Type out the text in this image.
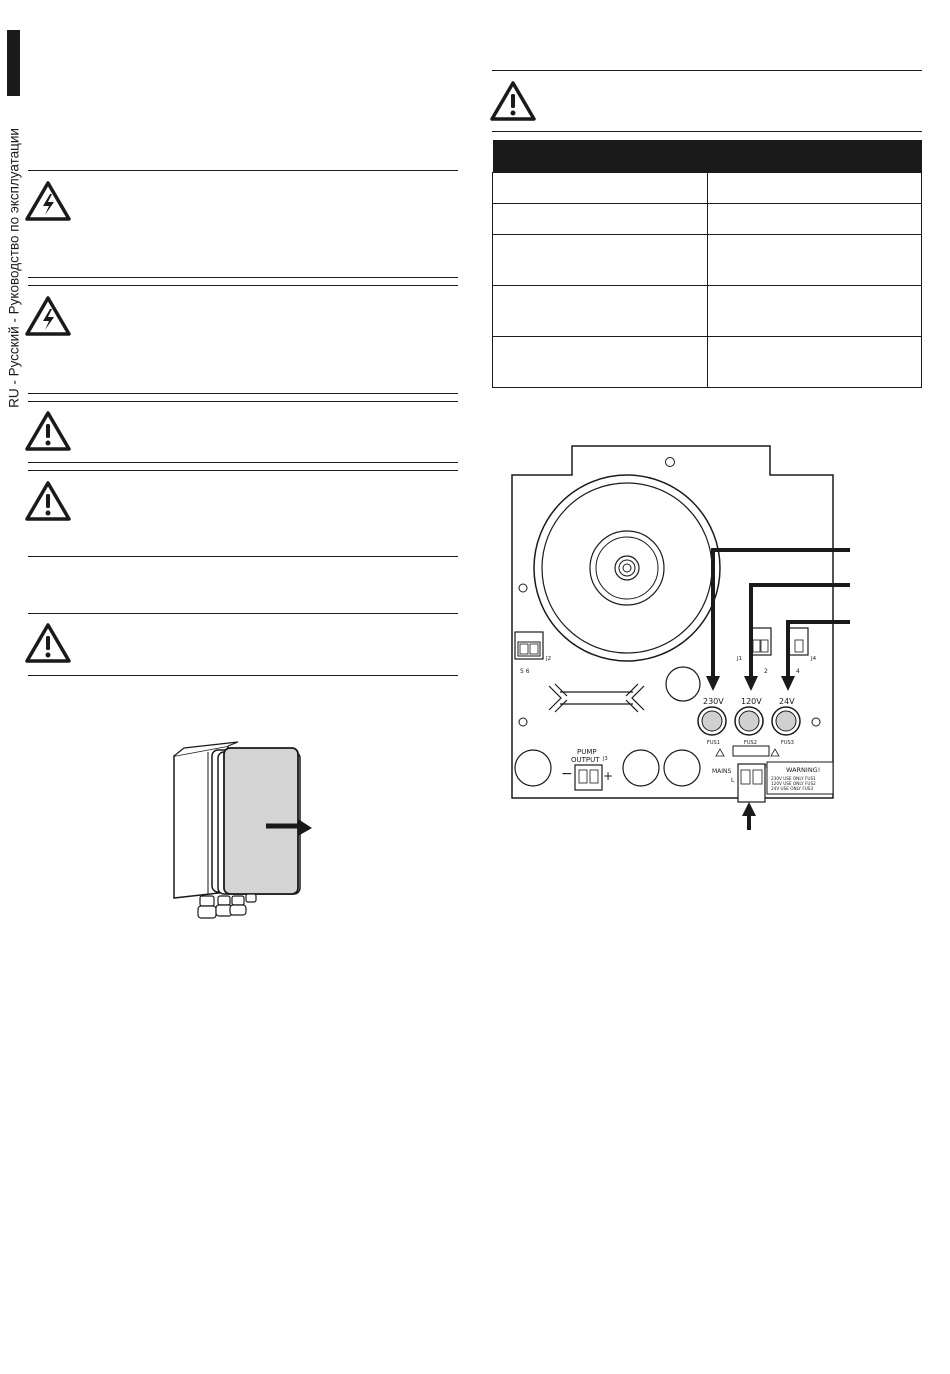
RU - Русский - Руководство по эксплуатации

5 6
J2	J1
2
J4
4
230V
FUS1
120V
FUS2
24V
FUS3
PUMP
OUTPUT J3
−	+	MAINS
L
WARNING!
230V USE ONLY FUS1
120V USE ONLY FUS2
24V USE ONLY FUS3
